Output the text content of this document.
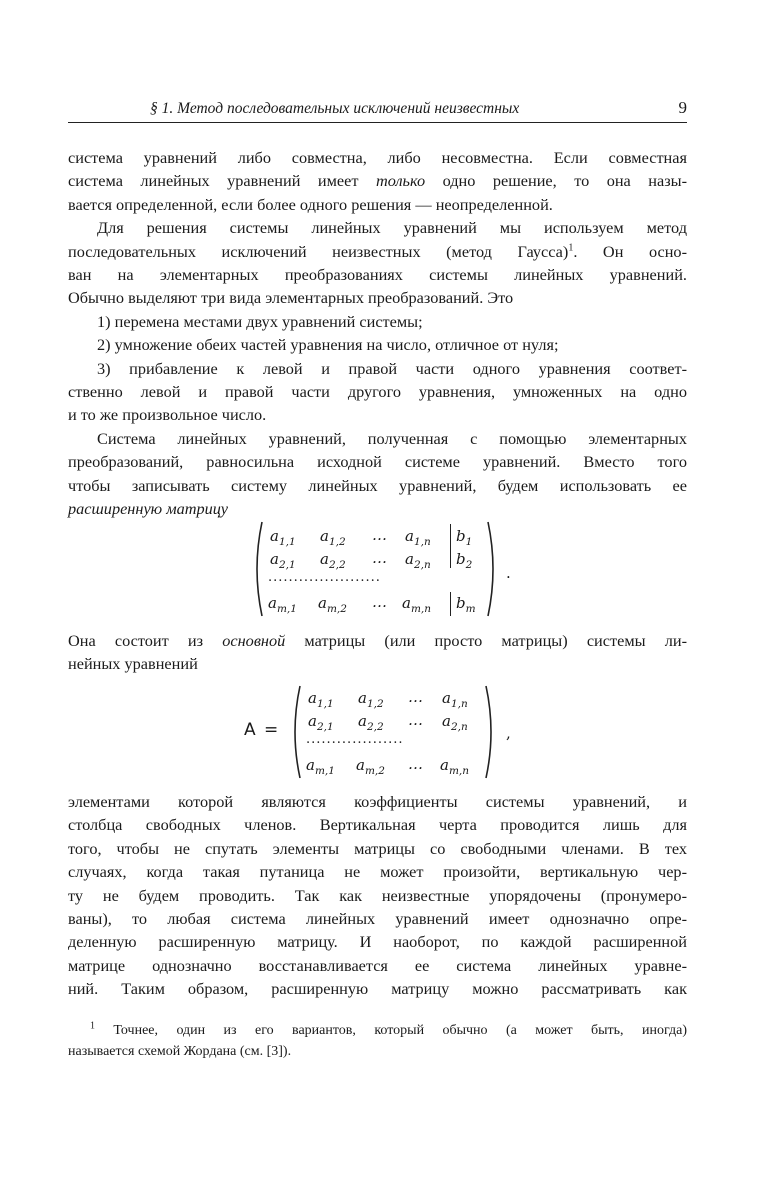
§ 1. Метод последовательных исключений неизвестных	9
система уравнений либо совместна, либо несовместна. Если совместная
система линейных уравнений имеет только одно решение, то она назы-
вается определенной, если более одного решения — неопределенной.
Для решения системы линейных уравнений мы используем метод
последовательных исключений неизвестных (метод Гаусса)$^1$. Он осно-
ван на элементарных преобразованиях системы линейных уравнений.
Обычно выделяют три вида элементарных преобразований. Это
1) перемена местами двух уравнений системы;
2) умножение обеих частей уравнения на число, отличное от нуля;
3) прибавление к левой и правой части одного уравнения соответ-
ственно левой и правой части другого уравнения, умноженных на одно
и то же произвольное число.
Система линейных уравнений, полученная с помощью элементарных
преобразований, равносильна исходной системе уравнений. Вместо того
чтобы записывать систему линейных уравнений, будем использовать ее
расширенную матрицу
$a_{1,1}$ $a_{1,2}$ … $a_{1,n}$ $b_1$
$a_{2,1}$ $a_{2,2}$ … $a_{2,n}$ $b_2$
......................
$a_{m,1}$ $a_{m,2}$ … $a_{m,n}$ $b_m$
.
Она состоит из основной матрицы (или просто матрицы) системы ли-
нейных уравнений
A =
$a_{1,1}$ $a_{1,2}$ … $a_{1,n}$
$a_{2,1}$ $a_{2,2}$ … $a_{2,n}$
...................
$a_{m,1}$ $a_{m,2}$ … $a_{m,n}$
,
элементами которой являются коэффициенты системы уравнений, и
столбца свободных членов. Вертикальная черта проводится лишь для
того, чтобы не спутать элементы матрицы со свободными членами. В тех
случаях, когда такая путаница не может произойти, вертикальную чер-
ту не будем проводить. Так как неизвестные упорядочены (пронумеро-
ваны), то любая система линейных уравнений имеет однозначно опре-
деленную расширенную матрицу. И наоборот, по каждой расширенной
матрице однозначно восстанавливается ее система линейных уравне-
ний. Таким образом, расширенную матрицу можно рассматривать как
$^1$ Точнее, один из его вариантов, который обычно (а может быть, иногда)
называется схемой Жордана (см. [3]).
